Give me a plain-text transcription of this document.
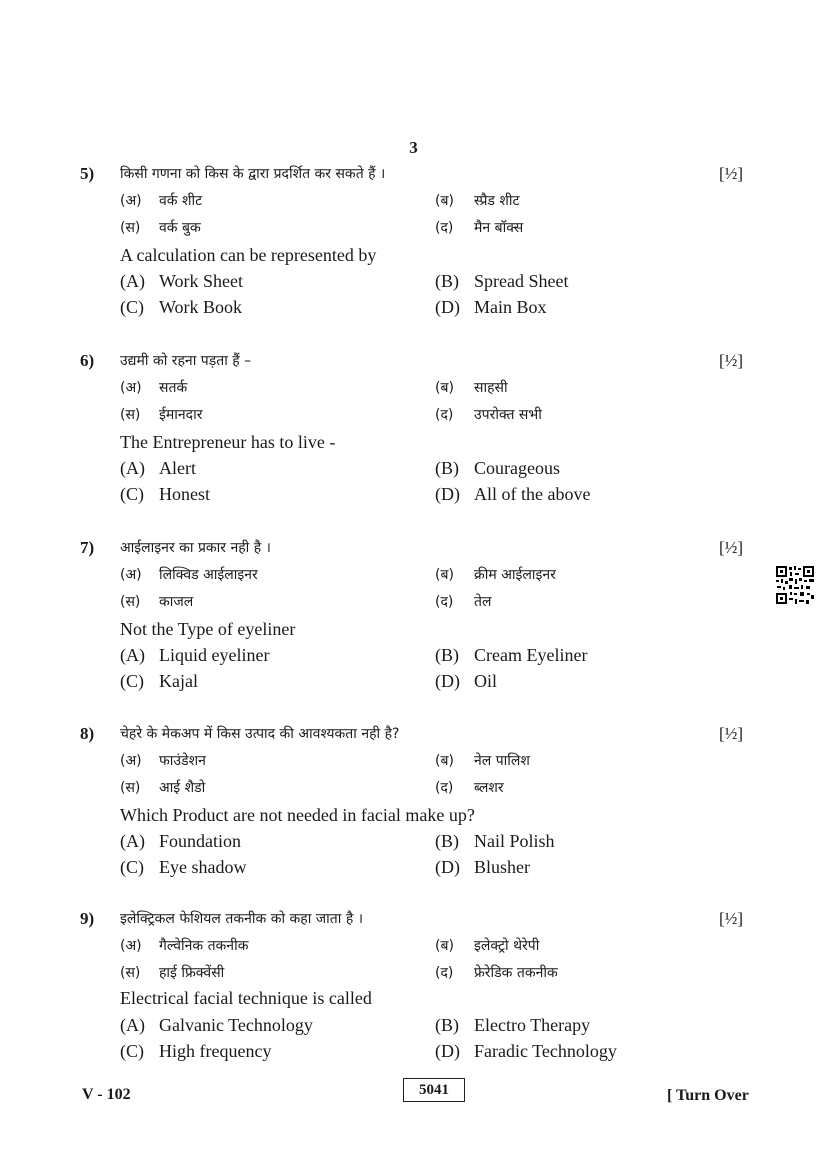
3
5) किसी गणना को किस के द्वारा प्रदर्शित कर सकते हैं ।	[½]
(अ) वर्क शीट	(ब) स्प्रैड शीट
(स) वर्क बुक	(द) मैन बॉक्स
A calculation can be represented by
(A) Work Sheet	(B) Spread Sheet
(C) Work Book	(D) Main Box
6) उद्यमी को रहना पड़ता हैं –	[½]
(अ) सतर्क	(ब) साहसी
(स) ईमानदार	(द) उपरोक्त सभी
The Entrepreneur has to live -
(A) Alert	(B) Courageous
(C) Honest	(D) All of the above
7) आईलाइनर का प्रकार नही है ।	[½]
(अ) लिक्विड आईलाइनर	(ब) क्रीम आईलाइनर
(स) काजल	(द) तेल
Not the Type of eyeliner
(A) Liquid eyeliner	(B) Cream Eyeliner
(C) Kajal	(D) Oil
8) चेहरे के मेकअप में किस उत्पाद की आवश्यकता नही है?	[½]
(अ) फाउंडेशन	(ब) नेल पालिश
(स) आई शैडो	(द) ब्लशर
Which Product are not needed in facial make up?
(A) Foundation	(B) Nail Polish
(C) Eye shadow	(D) Blusher
9) इलेक्ट्रिकल फेशियल तकनीक को कहा जाता है ।	[½]
(अ) गैल्वेनिक तकनीक	(ब) इलेक्ट्रो थेरेपी
(स) हाई फ्रिक्वेंसी	(द) फ्रेरेडिक तकनीक
Electrical facial technique is called
(A) Galvanic Technology	(B) Electro Therapy
(C) High frequency	(D) Faradic Technology
V - 102	5041	[ Turn Over
